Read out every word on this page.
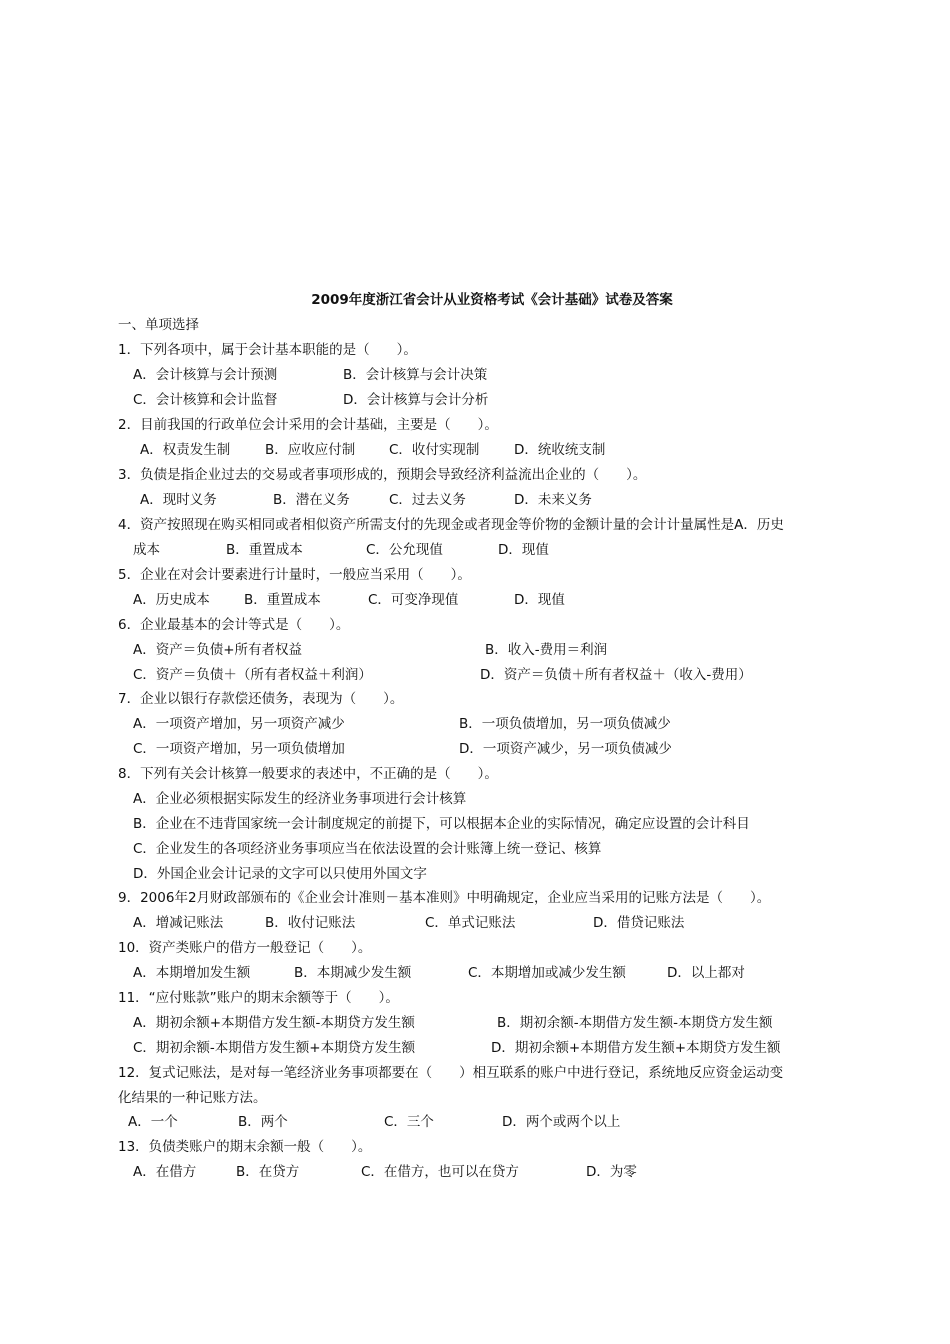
2009年度浙江省会计从业资格考试《会计基础》试卷及答案
一、单项选择
1．下列各项中，属于会计基本职能的是（　　）。
A．会计核算与会计预测	B．会计核算与会计决策
C．会计核算和会计监督	D．会计核算与会计分析
2．目前我国的行政单位会计采用的会计基础，主要是（　　）。
A．权责发生制	B．应收应付制 C．收付实现制	D．统收统支制
3．负债是指企业过去的交易或者事项形成的，预期会导致经济利益流出企业的（　　）。
A．现时义务	B．潜在义务	C．过去义务	D．未来义务
4．资产按照现在购买相同或者相似资产所需支付的先现金或者现金等价物的金额计量的会计计量属性是A．历史
成本	B．重置成本	C．公允现值	D．现值
5．企业在对会计要素进行计量时，一般应当采用（　　）。
A．历史成本	B．重置成本	C．可变净现值	D．现值
6．企业最基本的会计等式是（　　）。
A．资产＝负债+所有者权益	B．收入-费用＝利润
C．资产＝负债＋（所有者权益＋利润）	D．资产＝负债＋所有者权益＋（收入-费用）
7．企业以银行存款偿还债务，表现为（　　）。
A．一项资产增加，另一项资产减少	B．一项负债增加，另一项负债减少
C．一项资产增加，另一项负债增加	D．一项资产减少，另一项负债减少
8．下列有关会计核算一般要求的表述中，不正确的是（　　）。
A．企业必须根据实际发生的经济业务事项进行会计核算
B．企业在不违背国家统一会计制度规定的前提下，可以根据本企业的实际情况，确定应设置的会计科目
C．企业发生的各项经济业务事项应当在依法设置的会计账簿上统一登记、核算
D．外国企业会计记录的文字可以只使用外国文字
9．2006年2月财政部颁布的《企业会计准则－基本准则》中明确规定，企业应当采用的记账方法是（　　）。
A．增减记账法	B．收付记账法	C．单式记账法	D．借贷记账法
10．资产类账户的借方一般登记（　　）。
A．本期增加发生额	B．本期减少发生额	C．本期增加或减少发生额	D．以上都对
11．“应付账款”账户的期末余额等于（　　）。
A．期初余额+本期借方发生额-本期贷方发生额	B．期初余额-本期借方发生额-本期贷方发生额
C．期初余额-本期借方发生额+本期贷方发生额	D．期初余额+本期借方发生额+本期贷方发生额
12．复式记账法，是对每一笔经济业务事项都要在（　　）相互联系的账户中进行登记，系统地反应资金运动变
化结果的一种记账方法。
A．一个	B．两个	C．三个	D．两个或两个以上
13．负债类账户的期末余额一般（　　）。
A．在借方	B．在贷方	C．在借方，也可以在贷方	D．为零
